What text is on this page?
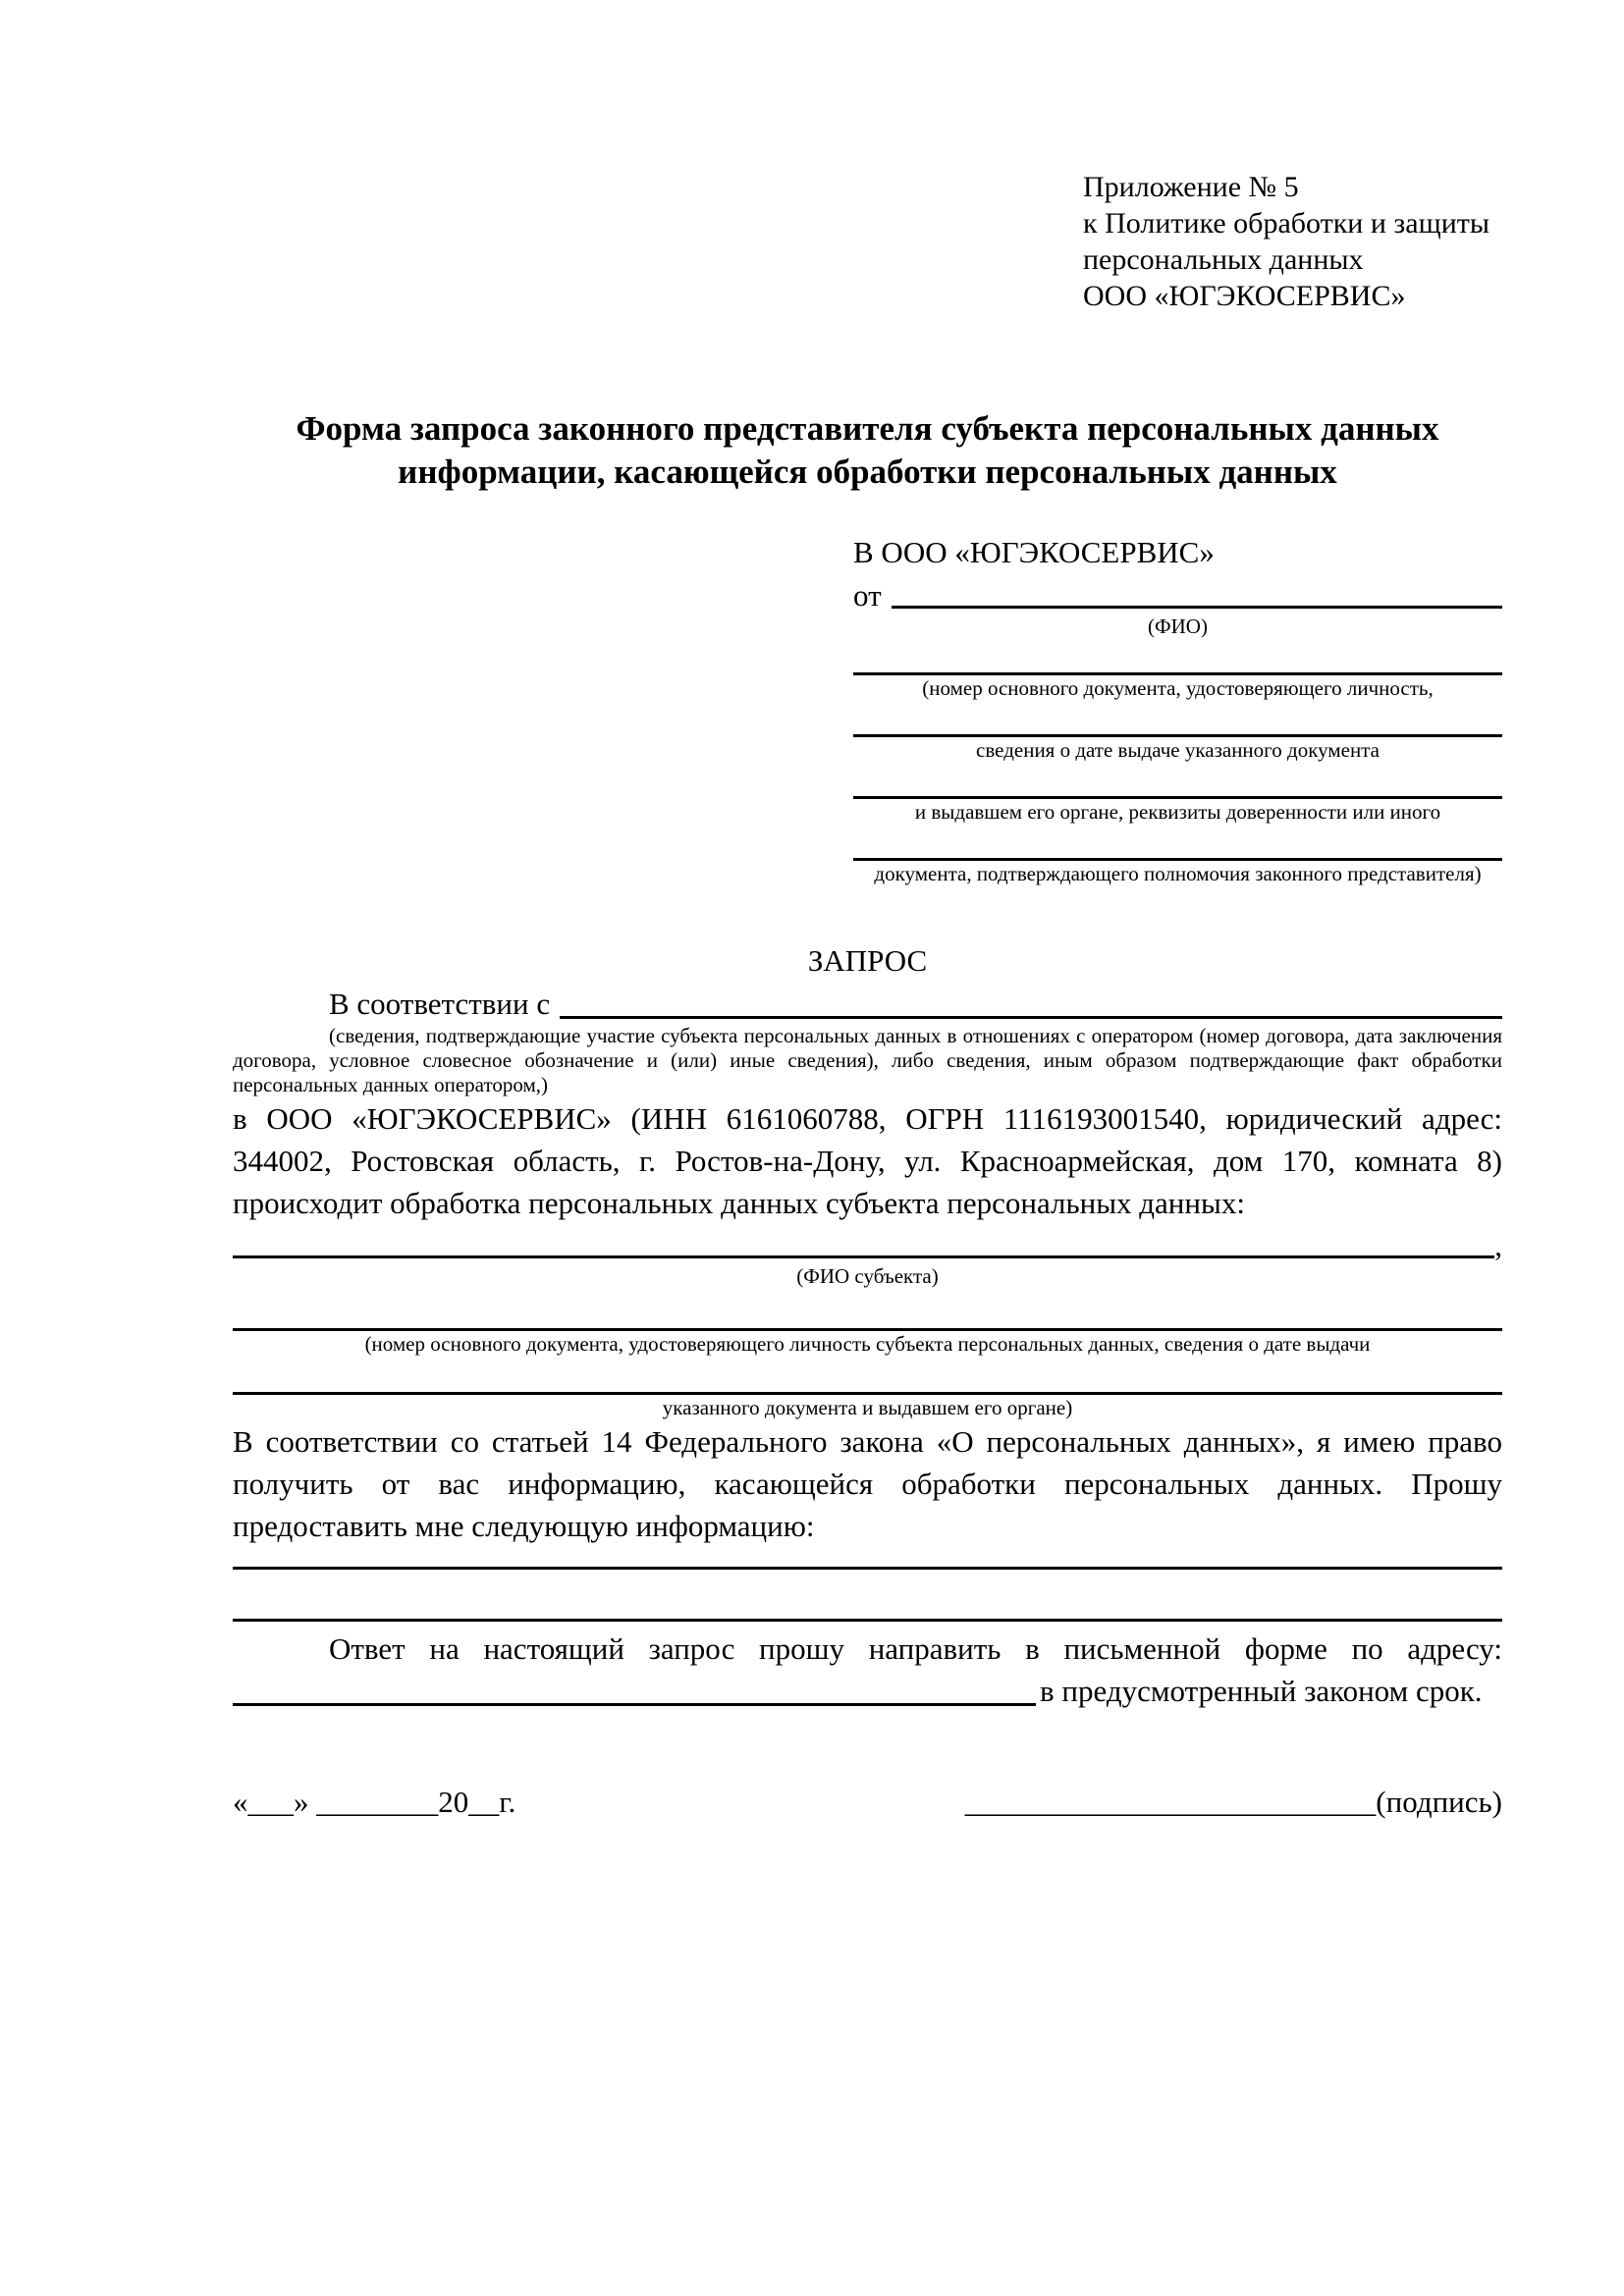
Приложение № 5
к Политике обработки и защиты
персональных данных
ООО «ЮГЭКОСЕРВИС»
Форма запроса законного представителя субъекта персональных данных
информации, касающейся обработки персональных данных
В ООО «ЮГЭКОСЕРВИС»
от
(ФИО)
(номер основного документа, удостоверяющего личность,
сведения о дате выдаче указанного документа
и выдавшем его органе, реквизиты доверенности или иного
документа, подтверждающего полномочия законного представителя)
ЗАПРОС
В соответствии с
(сведения, подтверждающие участие субъекта персональных данных в отношениях с оператором (номер договора, дата заключения договора, условное словесное обозначение и (или) иные сведения), либо сведения, иным образом подтверждающие факт обработки персональных данных оператором,)

в ООО «ЮГЭКОСЕРВИС» (ИНН 6161060788, ОГРН 1116193001540, юридический адрес: 344002, Ростовская область, г. Ростов-на-Дону, ул. Красноармейская, дом 170, комната 8) происходит обработка персональных данных субъекта персональных данных:

,
(ФИО субъекта)
(номер основного документа, удостоверяющего личность субъекта персональных данных, сведения о дате выдачи
указанного документа и выдавшем его органе)

В соответствии со статьей 14 Федерального закона «О персональных данных», я имею право получить от вас информацию, касающейся обработки персональных данных. Прошу предоставить мне следующую информацию:

Ответ на настоящий запрос прошу направить в письменной форме по адресу:
в предусмотренный законом срок.
«___» ________20__г.	___________________________(подпись)
